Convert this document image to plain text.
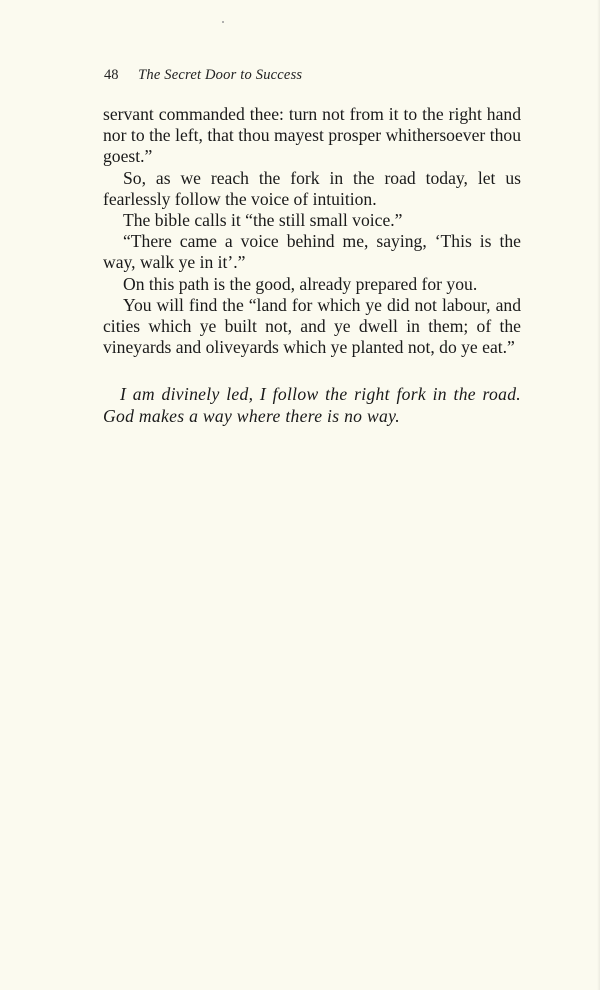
48 The Secret Door to Success

servant commanded thee: turn not from it to the right hand nor to the left, that thou mayest prosper whithersoever thou goest.”

So, as we reach the fork in the road today, let us fearlessly follow the voice of intuition.

The bible calls it “the still small voice.”

“There came a voice behind me, saying, ‘This is the way, walk ye in it’.”

On this path is the good, already prepared for you.

You will find the “land for which ye did not labour, and cities which ye built not, and ye dwell in them; of the vineyards and oliveyards which ye planted not, do ye eat.”

I am divinely led, I follow the right fork in the road. God makes a way where there is no way.
